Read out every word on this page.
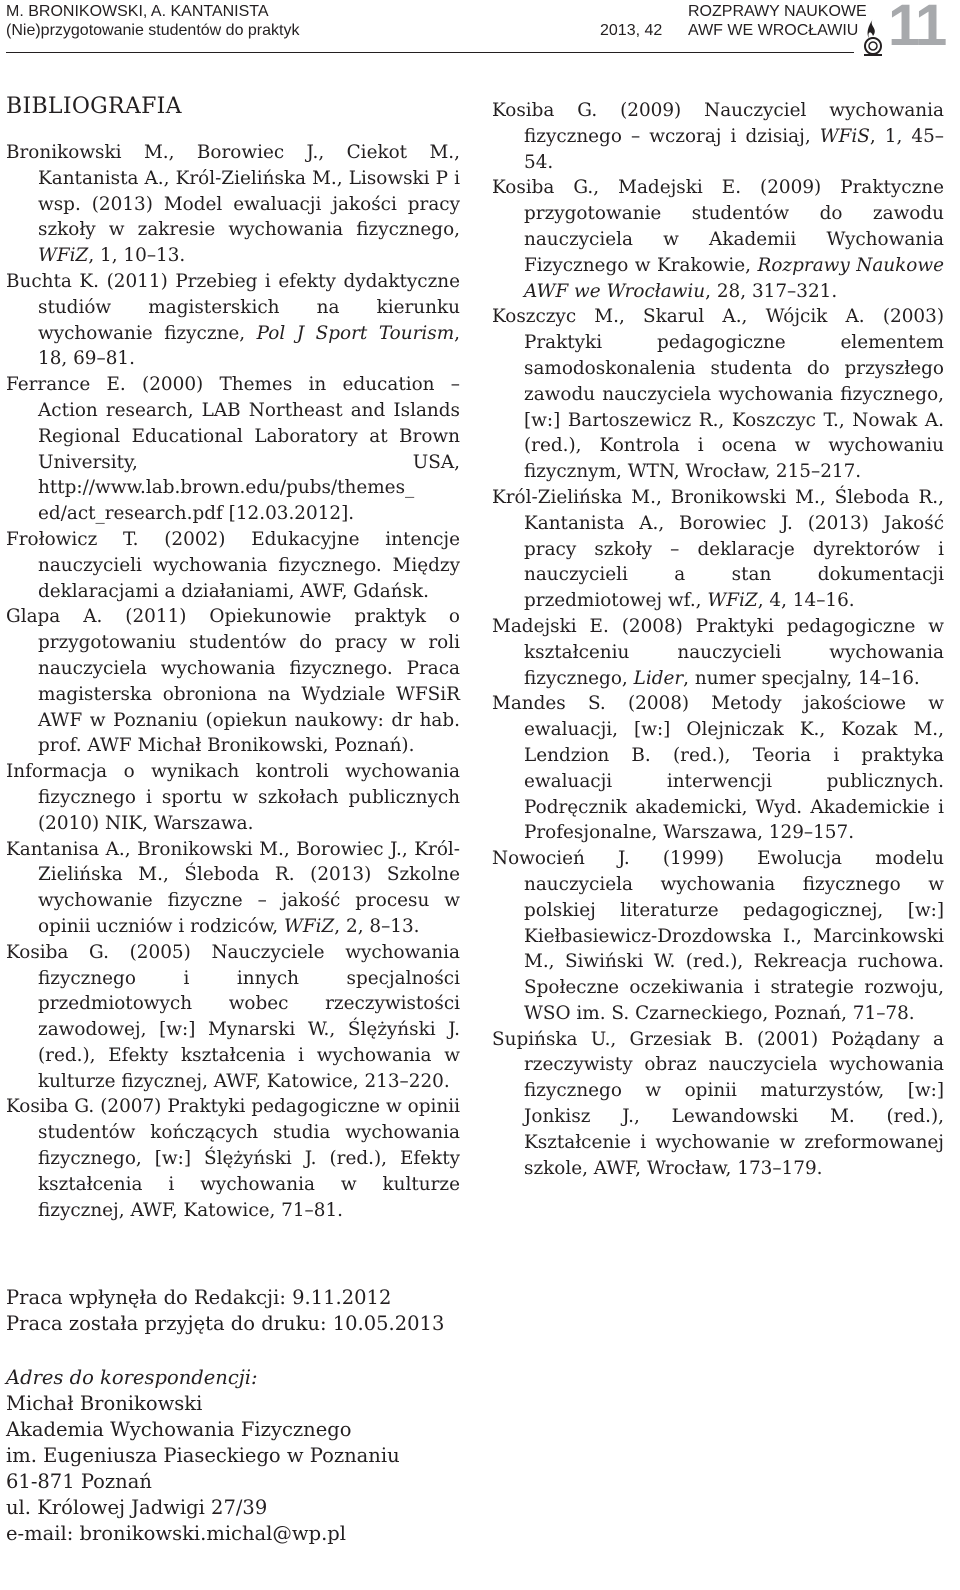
M. BRONIKOWSKI, A. KANTANISTA
(Nie)przygotowanie studentów do praktyk	2013, 42
ROZPRAWY NAUKOWE
AWF WE WROCŁAWIU 11
BIBLIOGRAFIA

Bronikowski M., Borowiec J., Ciekot M., Kantanista A., Król-Zielińska M., Lisowski P i wsp. (2013) Model ewaluacji jakości pracy szkoły w zakresie wychowania fizycznego, WFiZ, 1, 10–13.

Buchta K. (2011) Przebieg i efekty dydaktyczne studiów magisterskich na kierunku wychowanie fizyczne, Pol J Sport Tourism, 18, 69–81.

Ferrance E. (2000) Themes in education – Action research, LAB Northeast and Islands Regional Educational Laboratory at Brown University, USA, http://www.lab.brown.edu/pubs/themes_ ed/act_research.pdf [12.03.2012].

Frołowicz T. (2002) Edukacyjne intencje nauczycieli wychowania fizycznego. Między deklaracjami a działaniami, AWF, Gdańsk.

Glapa A. (2011) Opiekunowie praktyk o przygotowaniu studentów do pracy w roli nauczyciela wychowania fizycznego. Praca magisterska obroniona na Wydziale WFSiR AWF w Poznaniu (opiekun naukowy: dr hab. prof. AWF Michał Bronikowski, Poznań).

Informacja o wynikach kontroli wychowania fizycznego i sportu w szkołach publicznych (2010) NIK, Warszawa.

Kantanisa A., Bronikowski M., Borowiec J., Król-Zielińska M., Śleboda R. (2013) Szkolne wychowanie fizyczne – jakość procesu w opinii uczniów i rodziców, WFiZ, 2, 8–13.

Kosiba G. (2005) Nauczyciele wychowania fizycznego i innych specjalności przedmiotowych wobec rzeczywistości zawodowej, [w:] Mynarski W., Ślężyński J. (red.), Efekty kształcenia i wychowania w kulturze fizycznej, AWF, Katowice, 213–220.

Kosiba G. (2007) Praktyki pedagogiczne w opinii studentów kończących studia wychowania fizycznego, [w:] Ślężyński J. (red.), Efekty kształcenia i wychowania w kulturze fizycznej, AWF, Katowice, 71–81.

Kosiba G. (2009) Nauczyciel wychowania fizycznego – wczoraj i dzisiaj, WFiS, 1, 45–54.

Kosiba G., Madejski E. (2009) Praktyczne przygotowanie studentów do zawodu nauczyciela w Akademii Wychowania Fizycznego w Krakowie, Rozprawy Naukowe AWF we Wrocławiu, 28, 317–321.

Koszczyc M., Skarul A., Wójcik A. (2003) Praktyki pedagogiczne elementem samodoskonalenia studenta do przyszłego zawodu nauczyciela wychowania fizycznego, [w:] Bartoszewicz R., Koszczyc T., Nowak A. (red.), Kontrola i ocena w wychowaniu fizycznym, WTN, Wrocław, 215–217.

Król-Zielińska M., Bronikowski M., Śleboda R., Kantanista A., Borowiec J. (2013) Jakość pracy szkoły – deklaracje dyrektorów i nauczycieli a stan dokumentacji przedmiotowej wf., WFiZ, 4, 14–16.

Madejski E. (2008) Praktyki pedagogiczne w kształceniu nauczycieli wychowania fizycznego, Lider, numer specjalny, 14–16.

Mandes S. (2008) Metody jakościowe w ewaluacji, [w:] Olejniczak K., Kozak M., Lendzion B. (red.), Teoria i praktyka ewaluacji interwencji publicznych. Podręcznik akademicki, Wyd. Akademickie i Profesjonalne, Warszawa, 129–157.

Nowocień J. (1999) Ewolucja modelu nauczyciela wychowania fizycznego w polskiej literaturze pedagogicznej, [w:] Kiełbasiewicz-Drozdowska I., Marcinkowski M., Siwiński W. (red.), Rekreacja ruchowa. Społeczne oczekiwania i strategie rozwoju, WSO im. S. Czarneckiego, Poznań, 71–78.

Supińska U., Grzesiak B. (2001) Pożądany a rzeczywisty obraz nauczyciela wychowania fizycznego w opinii maturzystów, [w:] Jonkisz J., Lewandowski M. (red.), Kształcenie i wychowanie w zreformowanej szkole, AWF, Wrocław, 173–179.

Praca wpłynęła do Redakcji: 9.11.2012
Praca została przyjęta do druku: 10.05.2013
Adres do korespondencji:
Michał Bronikowski
Akademia Wychowania Fizycznego
im. Eugeniusza Piaseckiego w Poznaniu
61-871 Poznań
ul. Królowej Jadwigi 27/39
e-mail: bronikowski.michal@wp.pl
